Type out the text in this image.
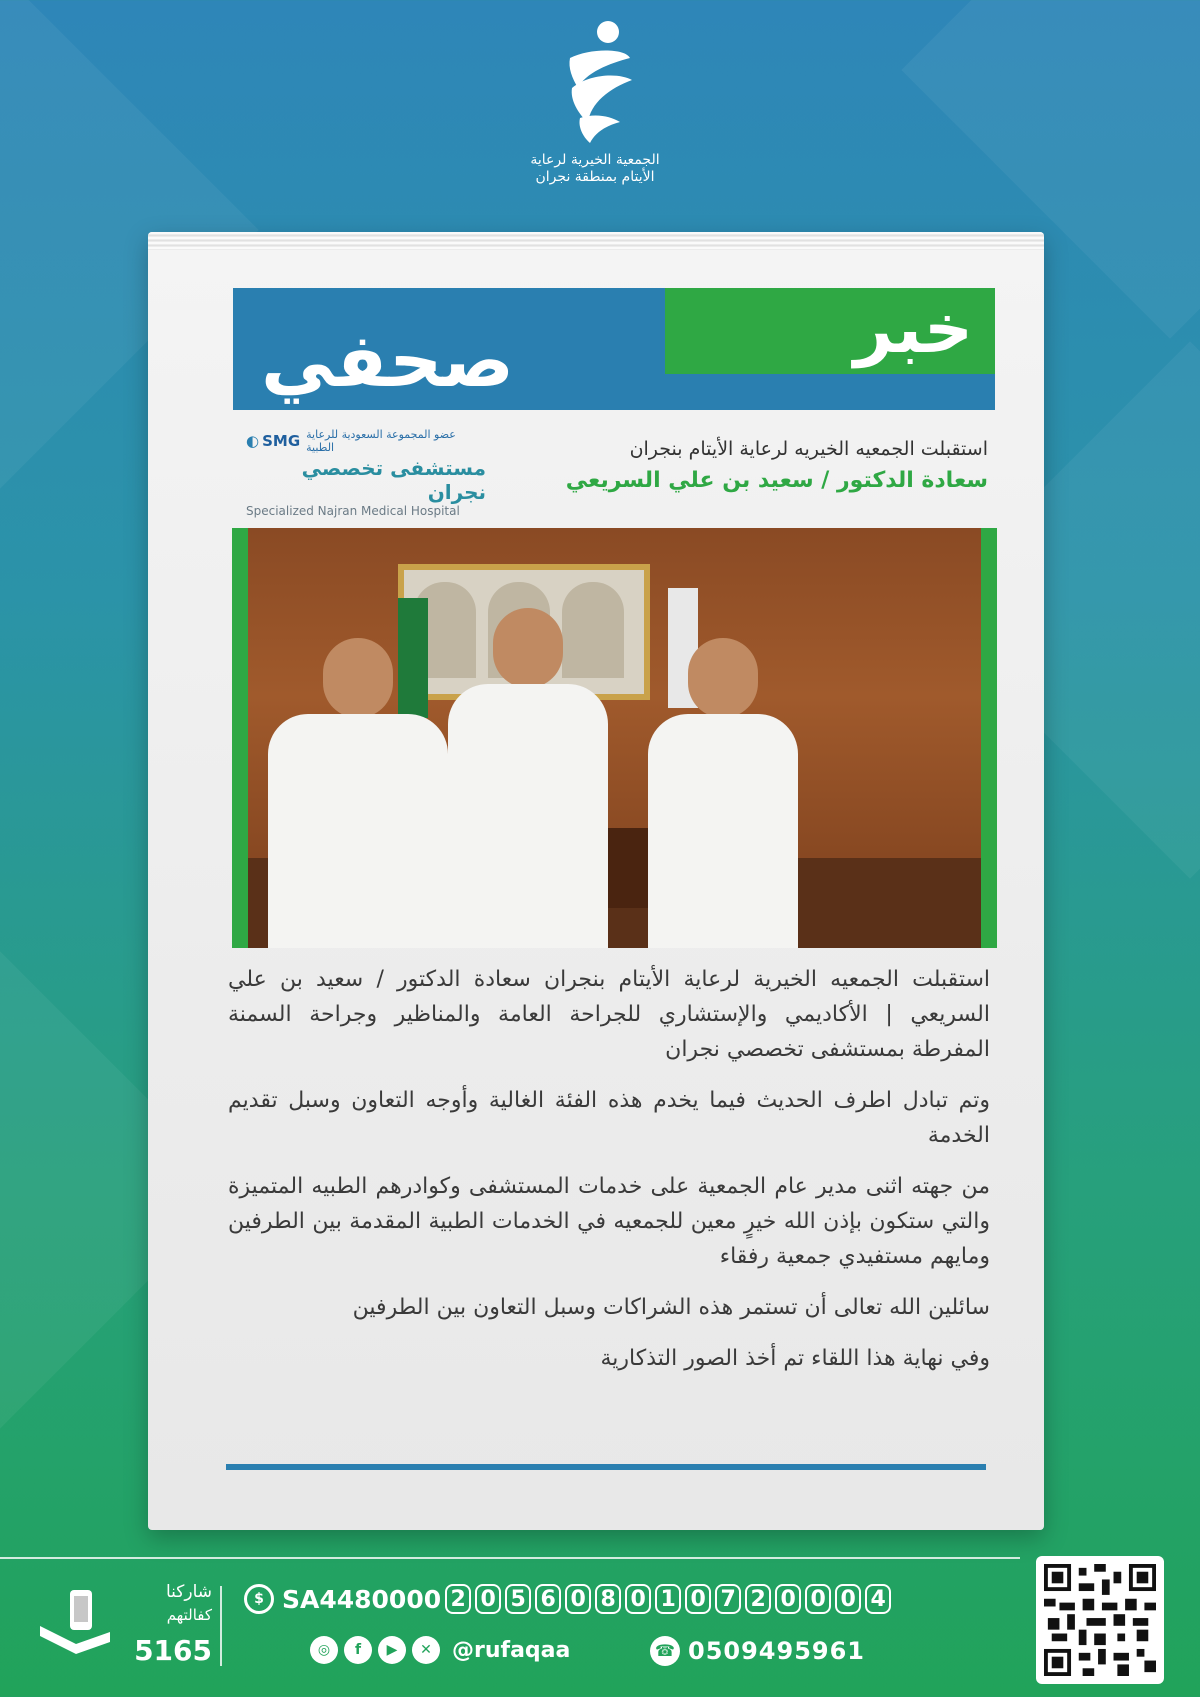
الجمعية الخيرية لرعاية
الأيتام بمنطقة نجران
خبر
صحفي
◐ SMG عضو المجموعة السعودية للرعاية الطبية
مستشفى تخصصي نجران
Specialized Najran Medical Hospital
استقبلت الجمعيه الخيريه لرعاية الأيتام بنجران
سعادة الدكتور / سعيد بن علي السريعي

استقبلت الجمعيه الخيرية لرعاية الأيتام بنجران سعادة الدكتور / سعيد بن علي السريعي | الأكاديمي والإستشاري للجراحة العامة والمناظير وجراحة السمنة المفرطة بمستشفى تخصصي نجران

وتم تبادل اطرف الحديث فيما يخدم هذه الفئة الغالية وأوجه التعاون وسبل تقديم الخدمة

من جهته اثنى مدير عام الجمعية على خدمات المستشفى وكوادرهم الطبيه المتميزة والتي ستكون بإذن الله خيرٍ معين للجمعيه في الخدمات الطبية المقدمة بين الطرفين ومايهم مستفيدي جمعية رفقاء

سائلين الله تعالى أن تستمر هذه الشراكات وسبل التعاون بين الطرفين

وفي نهاية هذا اللقاء تم أخذ الصور التذكارية

شاركنا
كفالتهم
5165
$ SA4480000 2 0 5 6 0 8 0 1 0 7 2 0 0 0 4
◎	f	▶	✕ @rufaqaa	☎ 0509495961
